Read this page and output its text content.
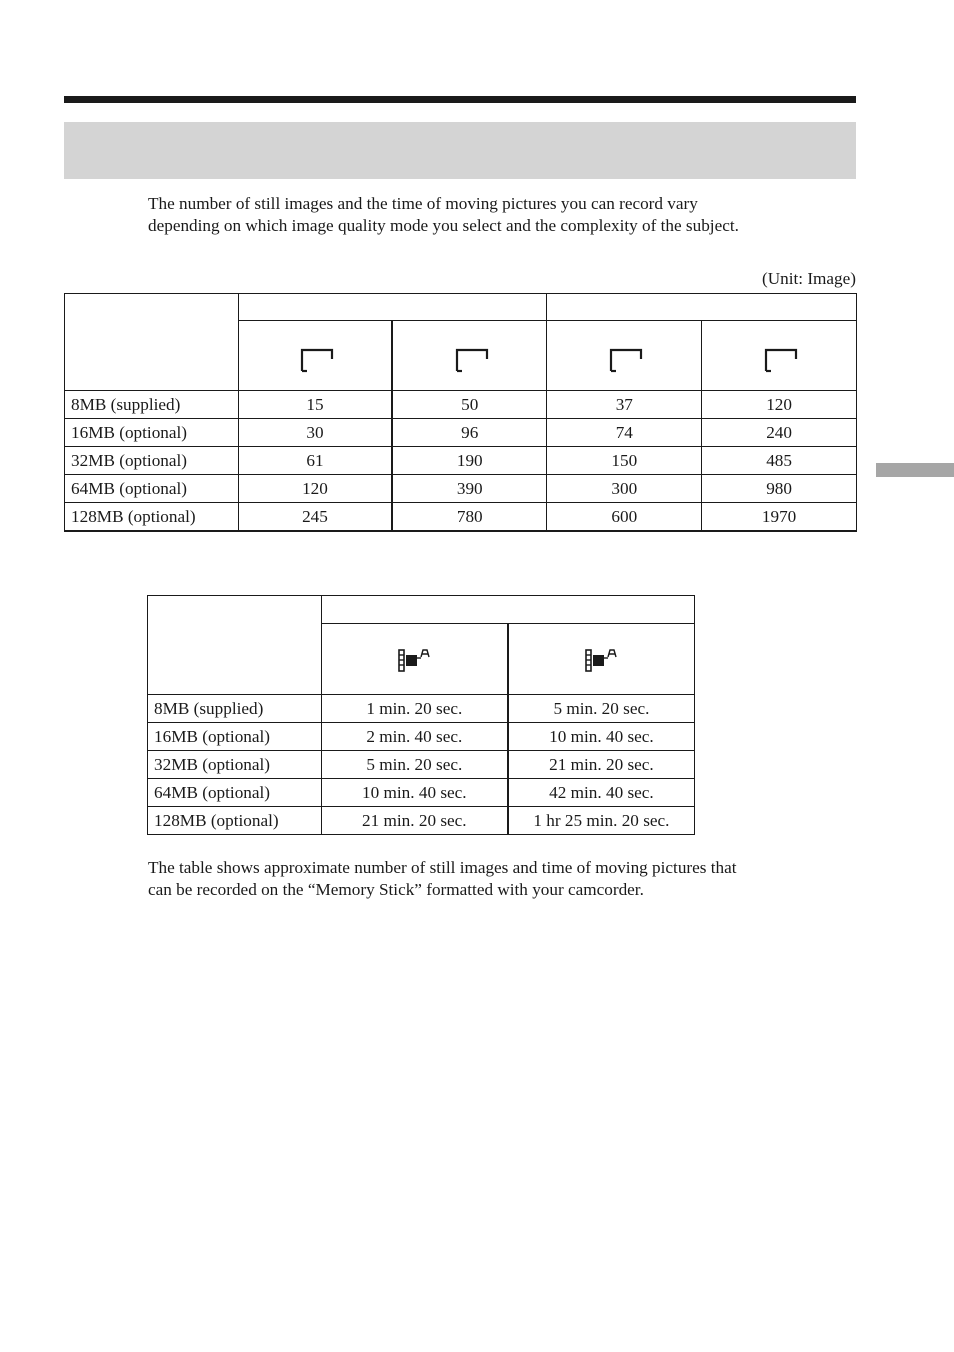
The number of still images and the time of moving pictures you can record vary
depending on which image quality mode you select and the complexity of the subject.

(Unit: Image)

8MB (supplied)	15	50	37	120
16MB (optional)	30	96	74	240
32MB (optional)	61	190	150	485
64MB (optional)	120	390	300	980
128MB (optional)	245	780	600	1970

8MB (supplied)	1 min. 20 sec.	5 min. 20 sec.
16MB (optional)	2 min. 40 sec.	10 min. 40 sec.
32MB (optional)	5 min. 20 sec.	21 min. 20 sec.
64MB (optional)	10 min. 40 sec.	42 min. 40 sec.
128MB (optional)	21 min. 20 sec.	1 hr 25 min. 20 sec.

The table shows approximate number of still images and time of moving pictures that
can be recorded on the “Memory Stick” formatted with your camcorder.
